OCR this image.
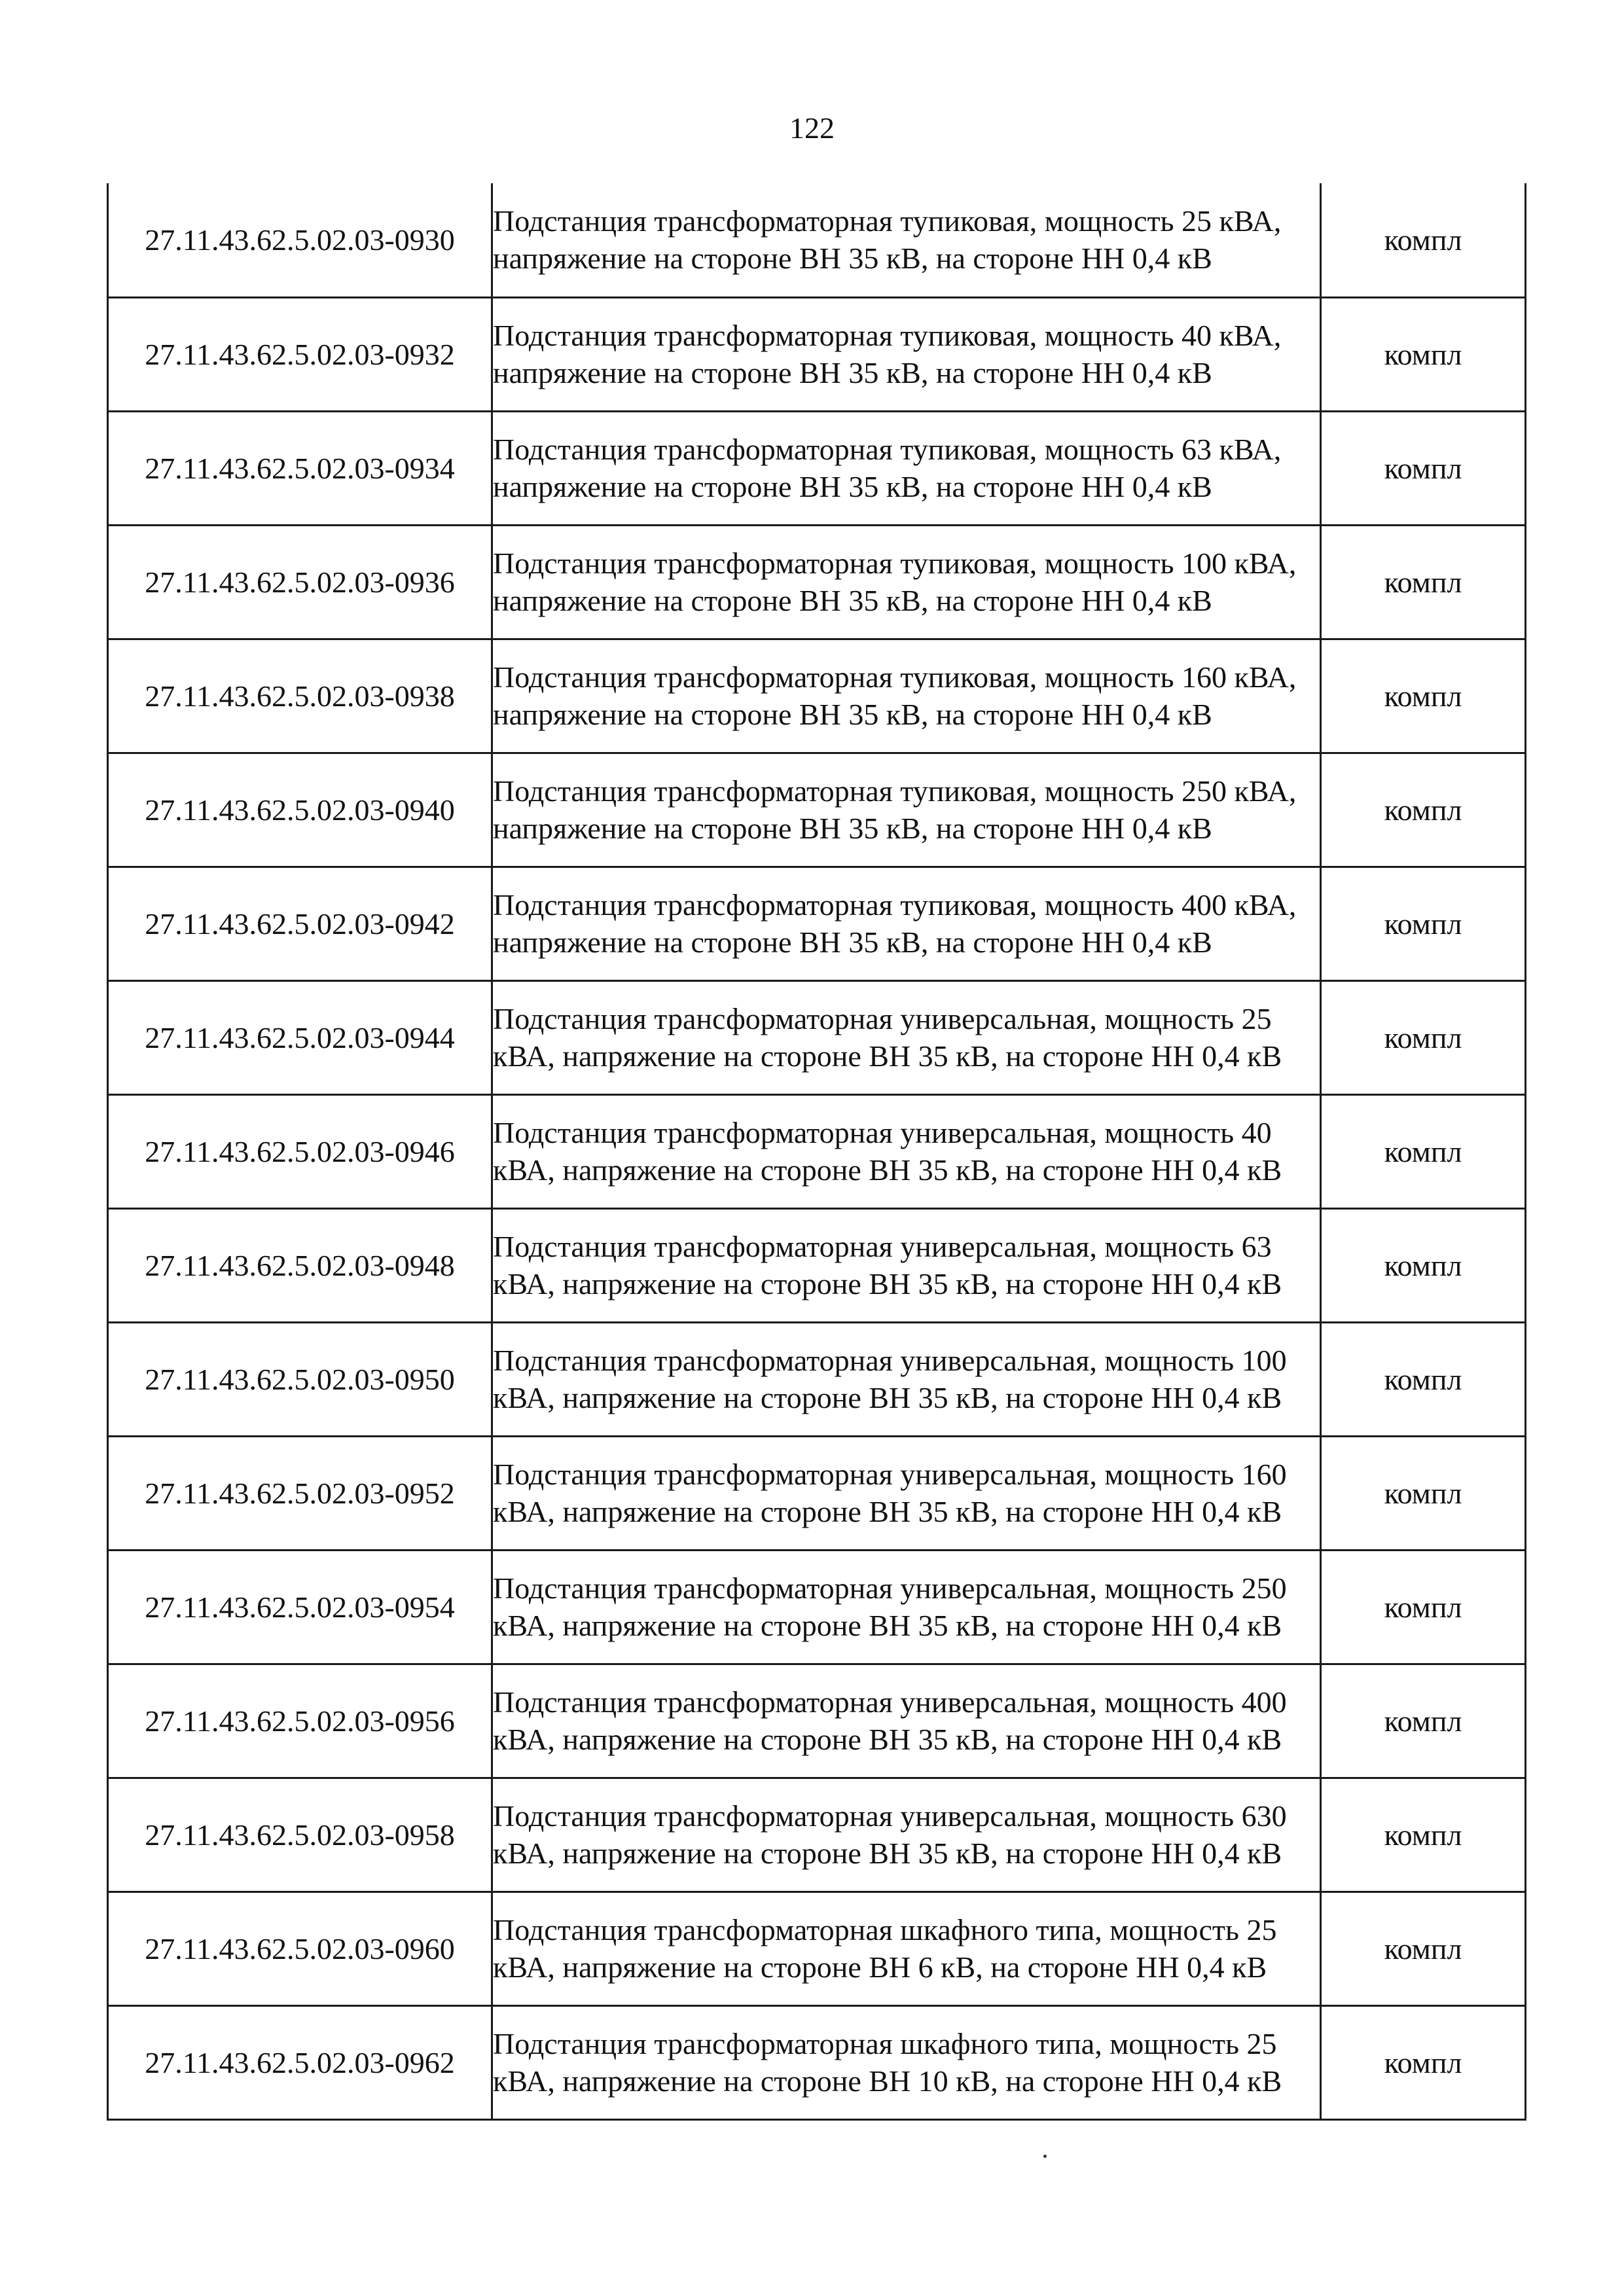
122
27.11.43.62.5.02.03-0930	Подстанция трансформаторная тупиковая, мощность 25 кВА, напряжение на стороне ВН 35 кВ, на стороне НН 0,4 кВ	компл
27.11.43.62.5.02.03-0932	Подстанция трансформаторная тупиковая, мощность 40 кВА, напряжение на стороне ВН 35 кВ, на стороне НН 0,4 кВ	компл
27.11.43.62.5.02.03-0934	Подстанция трансформаторная тупиковая, мощность 63 кВА, напряжение на стороне ВН 35 кВ, на стороне НН 0,4 кВ	компл
27.11.43.62.5.02.03-0936	Подстанция трансформаторная тупиковая, мощность 100 кВА, напряжение на стороне ВН 35 кВ, на стороне НН 0,4 кВ	компл
27.11.43.62.5.02.03-0938	Подстанция трансформаторная тупиковая, мощность 160 кВА, напряжение на стороне ВН 35 кВ, на стороне НН 0,4 кВ	компл
27.11.43.62.5.02.03-0940	Подстанция трансформаторная тупиковая, мощность 250 кВА, напряжение на стороне ВН 35 кВ, на стороне НН 0,4 кВ	компл
27.11.43.62.5.02.03-0942	Подстанция трансформаторная тупиковая, мощность 400 кВА, напряжение на стороне ВН 35 кВ, на стороне НН 0,4 кВ	компл
27.11.43.62.5.02.03-0944	Подстанция трансформаторная универсальная, мощность 25 кВА, напряжение на стороне ВН 35 кВ, на стороне НН 0,4 кВ	компл
27.11.43.62.5.02.03-0946	Подстанция трансформаторная универсальная, мощность 40 кВА, напряжение на стороне ВН 35 кВ, на стороне НН 0,4 кВ	компл
27.11.43.62.5.02.03-0948	Подстанция трансформаторная универсальная, мощность 63 кВА, напряжение на стороне ВН 35 кВ, на стороне НН 0,4 кВ	компл
27.11.43.62.5.02.03-0950	Подстанция трансформаторная универсальная, мощность 100 кВА, напряжение на стороне ВН 35 кВ, на стороне НН 0,4 кВ	компл
27.11.43.62.5.02.03-0952	Подстанция трансформаторная универсальная, мощность 160 кВА, напряжение на стороне ВН 35 кВ, на стороне НН 0,4 кВ	компл
27.11.43.62.5.02.03-0954	Подстанция трансформаторная универсальная, мощность 250 кВА, напряжение на стороне ВН 35 кВ, на стороне НН 0,4 кВ	компл
27.11.43.62.5.02.03-0956	Подстанция трансформаторная универсальная, мощность 400 кВА, напряжение на стороне ВН 35 кВ, на стороне НН 0,4 кВ	компл
27.11.43.62.5.02.03-0958	Подстанция трансформаторная универсальная, мощность 630 кВА, напряжение на стороне ВН 35 кВ, на стороне НН 0,4 кВ	компл
27.11.43.62.5.02.03-0960	Подстанция трансформаторная шкафного типа, мощность 25 кВА, напряжение на стороне ВН 6 кВ, на стороне НН 0,4 кВ	компл
27.11.43.62.5.02.03-0962	Подстанция трансформаторная шкафного типа, мощность 25 кВА, напряжение на стороне ВН 10 кВ, на стороне НН 0,4 кВ	компл
